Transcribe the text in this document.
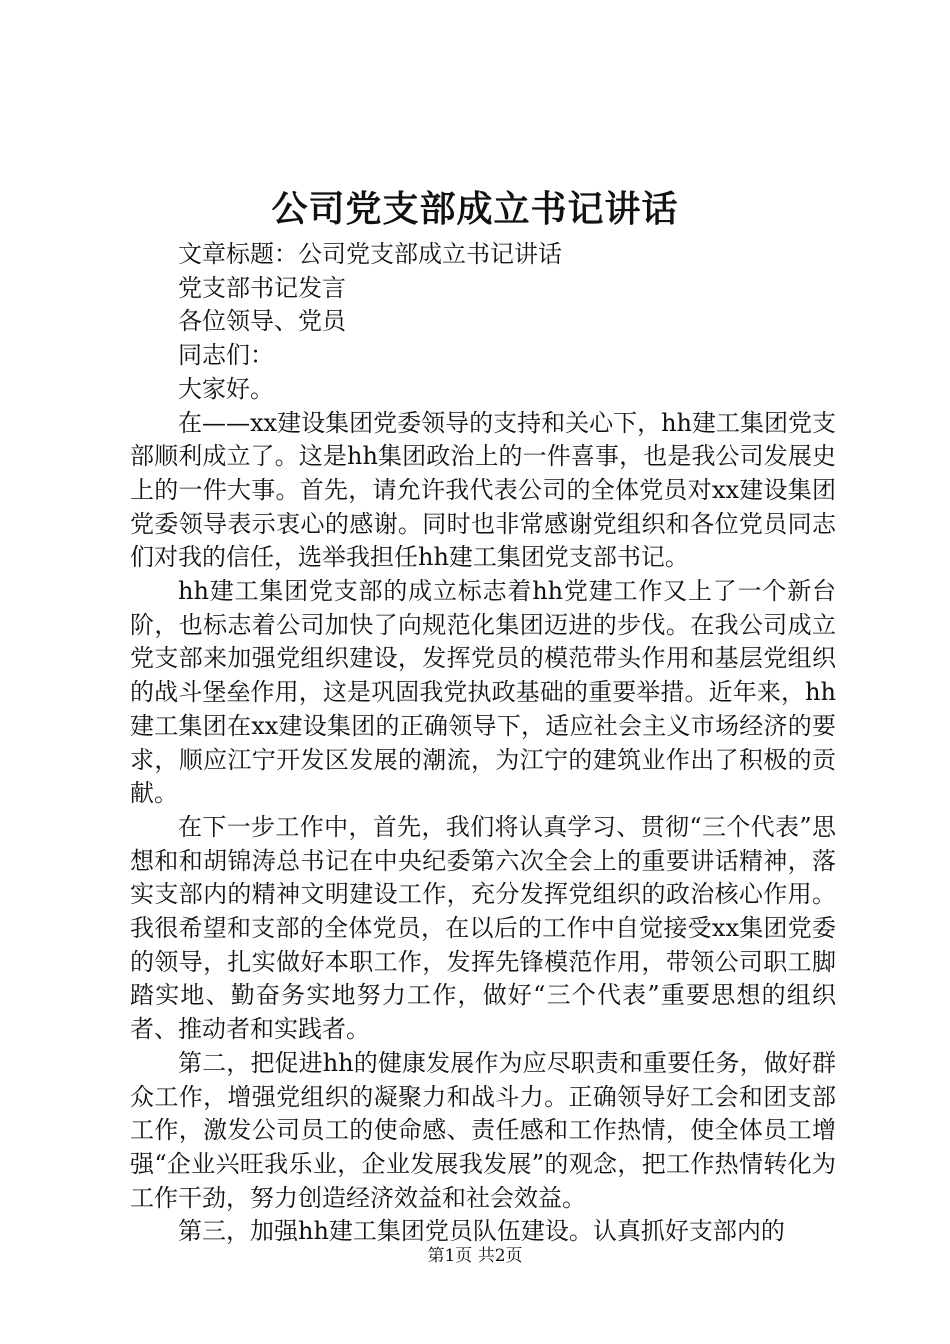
公司党支部成立书记讲话

文章标题：公司党支部成立书记讲话

党支部书记发言

各位领导、党员

同志们：

大家好。

在——xx建设集团党委领导的支持和关心下，hh建工集团党支部顺利成立了。这是hh集团政治上的一件喜事，也是我公司发展史上的一件大事。首先，请允许我代表公司的全体党员对xx建设集团党委领导表示衷心的感谢。同时也非常感谢党组织和各位党员同志们对我的信任，选举我担任hh建工集团党支部书记。

hh建工集团党支部的成立标志着hh党建工作又上了一个新台阶，也标志着公司加快了向规范化集团迈进的步伐。在我公司成立党支部来加强党组织建设，发挥党员的模范带头作用和基层党组织的战斗堡垒作用，这是巩固我党执政基础的重要举措。近年来，hh建工集团在xx建设集团的正确领导下，适应社会主义市场经济的要求，顺应江宁开发区发展的潮流，为江宁的建筑业作出了积极的贡献。

在下一步工作中，首先，我们将认真学习、贯彻“三个代表”思想和和胡锦涛总书记在中央纪委第六次全会上的重要讲话精神，落实支部内的精神文明建设工作，充分发挥党组织的政治核心作用。我很希望和支部的全体党员，在以后的工作中自觉接受xx集团党委的领导，扎实做好本职工作，发挥先锋模范作用，带领公司职工脚踏实地、勤奋务实地努力工作，做好“三个代表”重要思想的组织者、推动者和实践者。

第二，把促进hh的健康发展作为应尽职责和重要任务，做好群众工作，增强党组织的凝聚力和战斗力。正确领导好工会和团支部工作，激发公司员工的使命感、责任感和工作热情，使全体员工增强“企业兴旺我乐业，企业发展我发展”的观念，把工作热情转化为工作干劲，努力创造经济效益和社会效益。

第三，加强hh建工集团党员队伍建设。认真抓好支部内的

第1页 共2页
